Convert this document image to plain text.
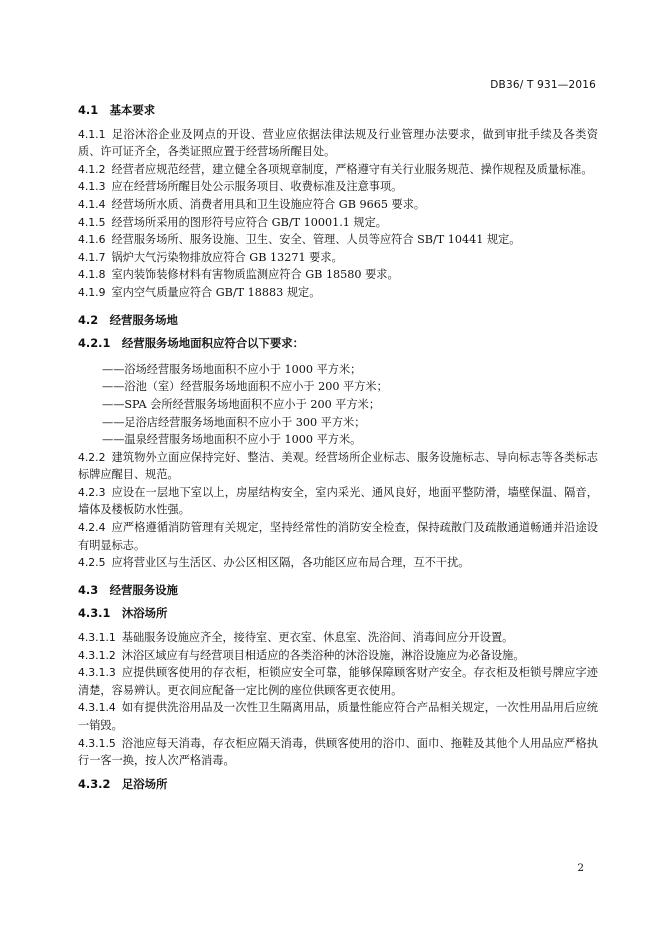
DB36/ T 931—2016
4.1　基本要求
4.1.1 足浴沐浴企业及网点的开设、营业应依据法律法规及行业管理办法要求，做到审批手续及各类资质、许可证齐全，各类证照应置于经营场所醒目处。
4.1.2 经营者应规范经营，建立健全各项规章制度，严格遵守有关行业服务规范、操作规程及质量标准。
4.1.3 应在经营场所醒目处公示服务项目、收费标准及注意事项。
4.1.4 经营场所水质、消费者用具和卫生设施应符合 GB 9665 要求。
4.1.5 经营场所采用的图形符号应符合 GB/T 10001.1 规定。
4.1.6 经营服务场所、服务设施、卫生、安全、管理、人员等应符合 SB/T 10441 规定。
4.1.7 锅炉大气污染物排放应符合 GB 13271 要求。
4.1.8 室内装饰装修材料有害物质监测应符合 GB 18580 要求。
4.1.9 室内空气质量应符合 GB/T 18883 规定。
4.2　经营服务场地
4.2.1　经营服务场地面积应符合以下要求：
——浴场经营服务场地面积不应小于 1000 平方米；
——浴池（室）经营服务场地面积不应小于 200 平方米；
——SPA 会所经营服务场地面积不应小于 200 平方米；
——足浴店经营服务场地面积不应小于 300 平方米；
——温泉经营服务场地面积不应小于 1000 平方米。
4.2.2 建筑物外立面应保持完好、整洁、美观。经营场所企业标志、服务设施标志、导向标志等各类标志标牌应醒目、规范。
4.2.3 应设在一层地下室以上，房屋结构安全，室内采光、通风良好，地面平整防滑，墙壁保温、隔音，墙体及楼板防水性强。
4.2.4 应严格遵循消防管理有关规定，坚持经常性的消防安全检查，保持疏散门及疏散通道畅通并沿途设有明显标志。
4.2.5 应将营业区与生活区、办公区相区隔，各功能区应布局合理，互不干扰。
4.3　经营服务设施
4.3.1　沐浴场所
4.3.1.1 基础服务设施应齐全，接待室、更衣室、休息室、洗浴间、消毒间应分开设置。
4.3.1.2 沐浴区域应有与经营项目相适应的各类浴种的沐浴设施，淋浴设施应为必备设施。
4.3.1.3 应提供顾客使用的存衣柜，柜锁应安全可靠，能够保障顾客财产安全。存衣柜及柜锁号牌应字迹清楚，容易辨认。更衣间应配备一定比例的座位供顾客更衣使用。
4.3.1.4 如有提供洗浴用品及一次性卫生隔离用品，质量性能应符合产品相关规定，一次性用品用后应统一销毁。
4.3.1.5 浴池应每天消毒，存衣柜应隔天消毒，供顾客使用的浴巾、面巾、拖鞋及其他个人用品应严格执行一客一换，按人次严格消毒。
4.3.2　足浴场所
2
